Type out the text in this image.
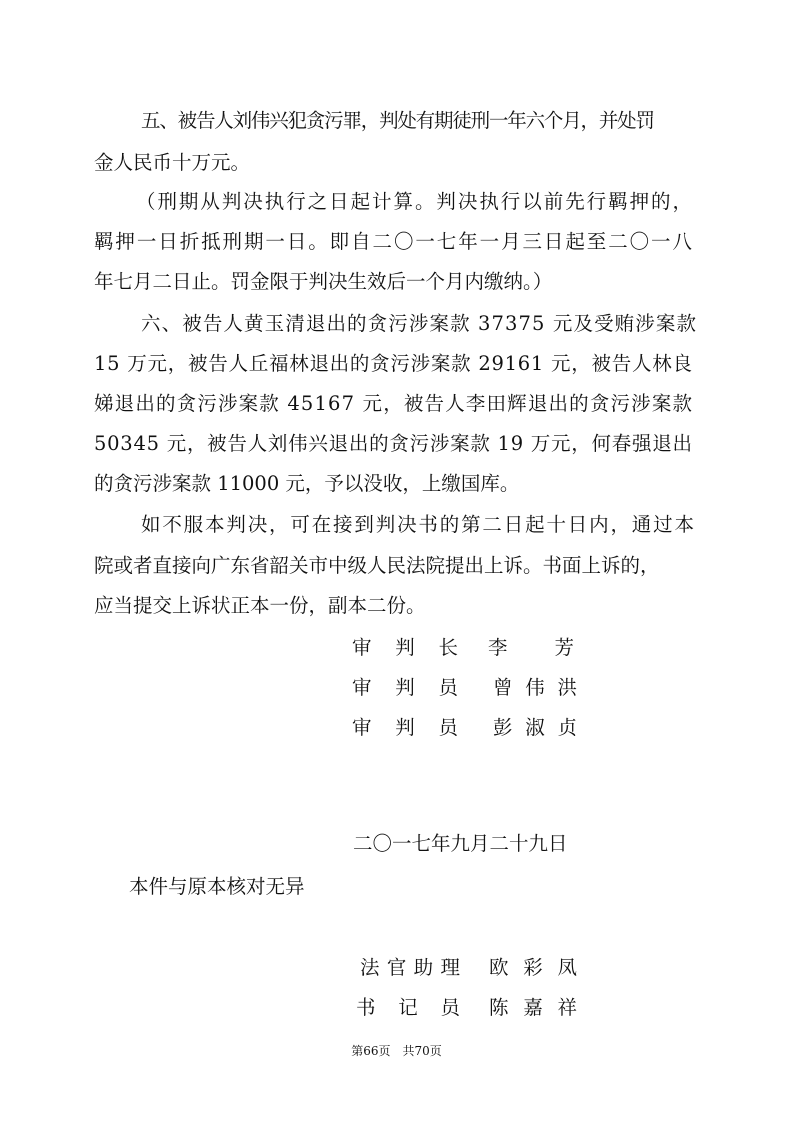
五、被告人刘伟兴犯贪污罪，判处有期徒刑一年六个月，并处罚
金人民币十万元。
（刑期从判决执行之日起计算。判决执行以前先行羁押的，
羁押一日折抵刑期一日。即自二〇一七年一月三日起至二〇一八
年七月二日止。罚金限于判决生效后一个月内缴纳。）
六、被告人黄玉清退出的贪污涉案款 37375 元及受贿涉案款
15 万元，被告人丘福林退出的贪污涉案款 29161 元，被告人林良
娣退出的贪污涉案款 45167 元，被告人李田辉退出的贪污涉案款
50345 元，被告人刘伟兴退出的贪污涉案款 19 万元，何春强退出
的贪污涉案款 11000 元，予以没收，上缴国库。
如不服本判决，可在接到判决书的第二日起十日内，通过本
院或者直接向广东省韶关市中级人民法院提出上诉。书面上诉的，
应当提交上诉状正本一份，副本二份。
审 判 长 李　 芳
审 判 员 曾伟洪
审 判 员 彭淑贞
二〇一七年九月二十九日
本件与原本核对无异
法官助理 欧彩凤
书 记 员 陈嘉祥
第66页　共70页
